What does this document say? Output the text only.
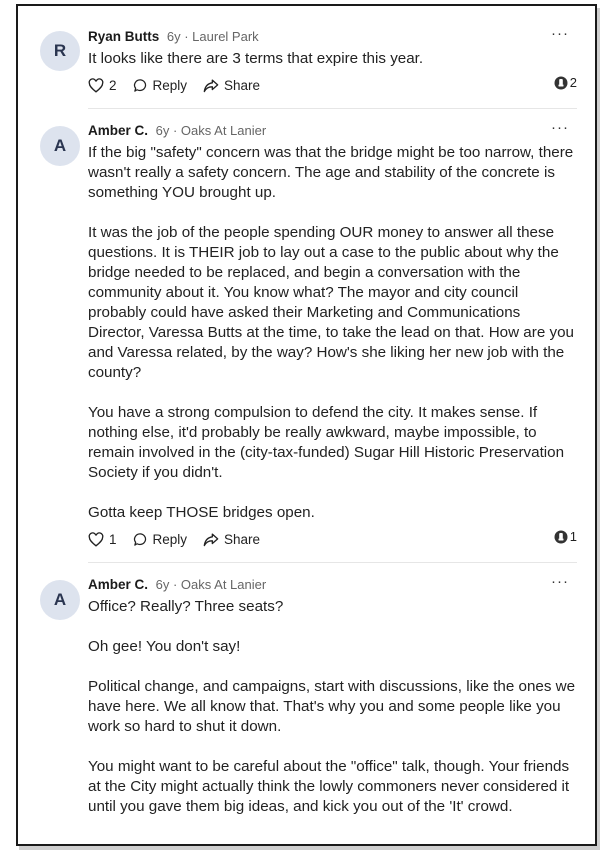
R
Ryan Butts 6y · Laurel Park	···

It looks like there are 3 terms that expire this year.

2	Reply	Share	2
A
Amber C. 6y · Oaks At Lanier	···

If the big "safety" concern was that the bridge might be too narrow, there wasn't really a safety concern. The age and stability of the concrete is something YOU brought up.

It was the job of the people spending OUR money to answer all these questions. It is THEIR job to lay out a case to the public about why the bridge needed to be replaced, and begin a conversation with the community about it. You know what? The mayor and city council probably could have asked their Marketing and Communications Director, Varessa Butts at the time, to take the lead on that. How are you and Varessa related, by the way? How's she liking her new job with the county?

You have a strong compulsion to defend the city. It makes sense. If nothing else, it'd probably be really awkward, maybe impossible, to remain involved in the (city-tax-funded) Sugar Hill Historic Preservation Society if you didn't.

Gotta keep THOSE bridges open.

1	Reply	Share	1
A
Amber C. 6y · Oaks At Lanier	···

Office? Really? Three seats?

Oh gee! You don't say!

Political change, and campaigns, start with discussions, like the ones we have here. We all know that. That's why you and some people like you work so hard to shut it down.

You might want to be careful about the "office" talk, though. Your friends at the City might actually think the lowly commoners never considered it until you gave them big ideas, and kick you out of the 'It' crowd.
